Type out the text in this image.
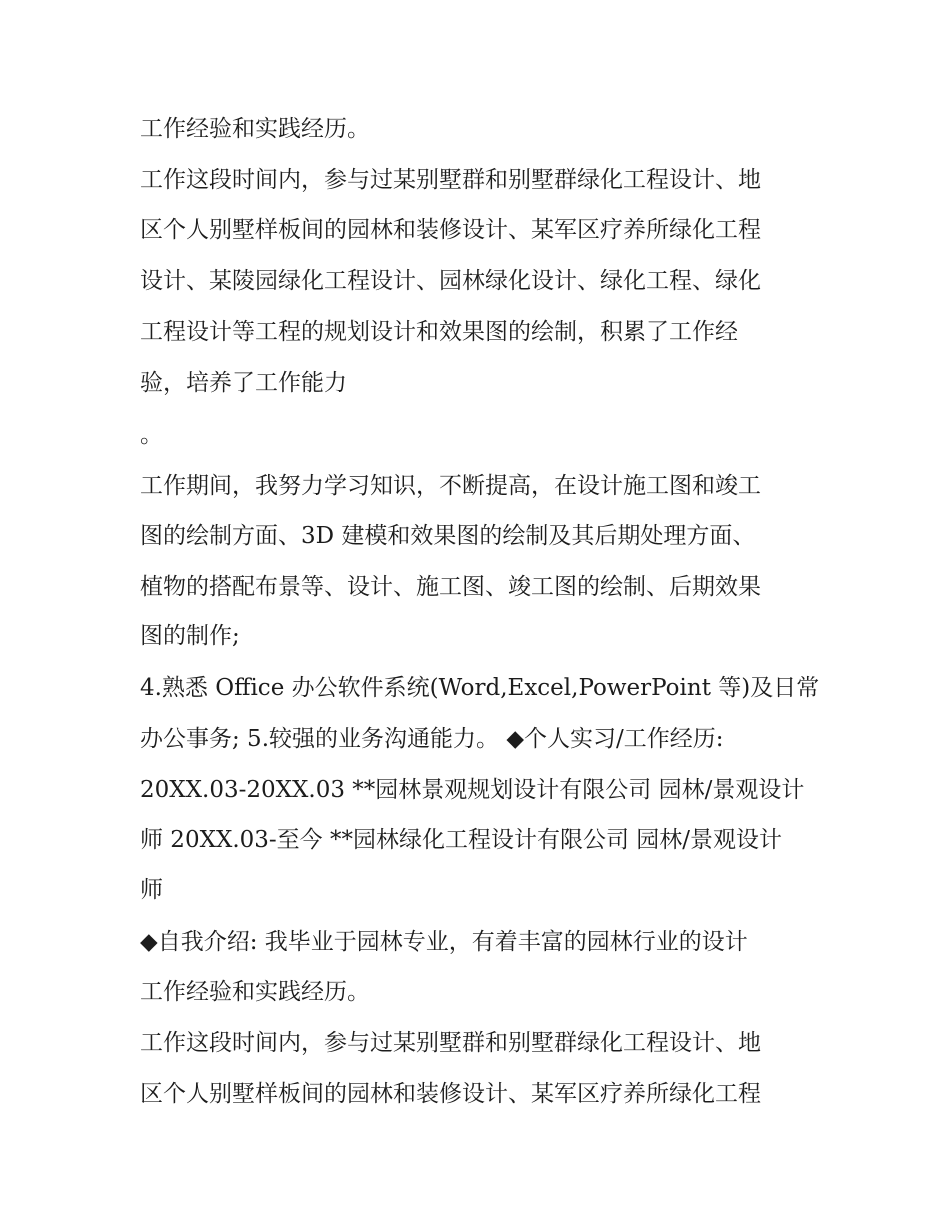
工作经验和实践经历。

工作这段时间内，参与过某别墅群和别墅群绿化工程设计、地

区个人别墅样板间的园林和装修设计、某军区疗养所绿化工程

设计、某陵园绿化工程设计、园林绿化设计、绿化工程、绿化

工程设计等工程的规划设计和效果图的绘制，积累了工作经

验，培养了工作能力

。

工作期间，我努力学习知识，不断提高，在设计施工图和竣工

图的绘制方面、3D 建模和效果图的绘制及其后期处理方面、

植物的搭配布景等、设计、施工图、竣工图的绘制、后期效果

图的制作;

4.熟悉 Office 办公软件系统(Word,Excel,PowerPoint 等)及日常

办公事务; 5.较强的业务沟通能力。 ◆个人实习/工作经历:

20XX.03-20XX.03 **园林景观规划设计有限公司 园林/景观设计

师 20XX.03-至今 **园林绿化工程设计有限公司 园林/景观设计

师

◆自我介绍: 我毕业于园林专业，有着丰富的园林行业的设计

工作经验和实践经历。

工作这段时间内，参与过某别墅群和别墅群绿化工程设计、地

区个人别墅样板间的园林和装修设计、某军区疗养所绿化工程
